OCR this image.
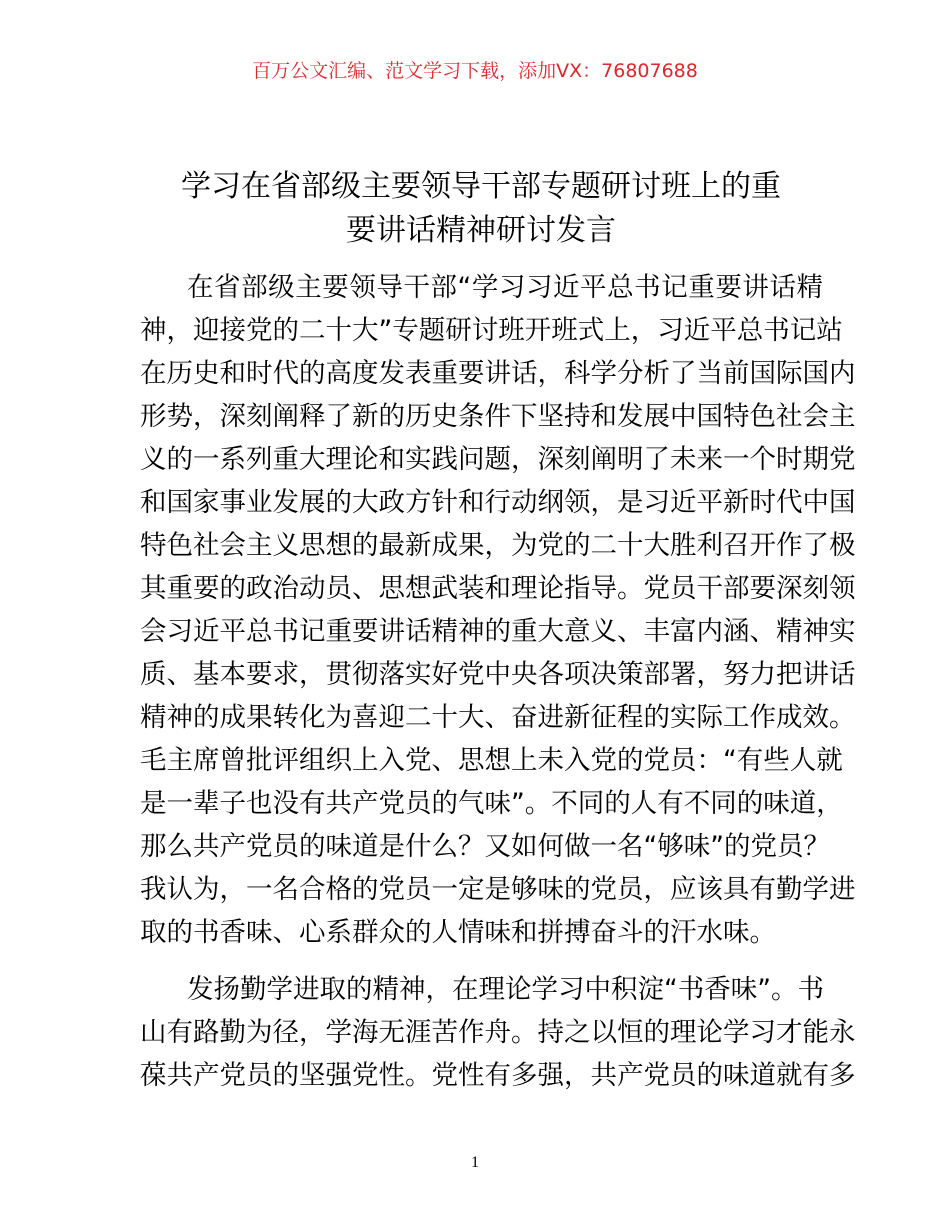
百万公文汇编、范文学习下载，添加VX：76807688
学习在省部级主要领导干部专题研讨班上的重
要讲话精神研讨发言
在省部级主要领导干部“学习习近平总书记重要讲话精
神，迎接党的二十大”专题研讨班开班式上，习近平总书记站
在历史和时代的高度发表重要讲话，科学分析了当前国际国内
形势，深刻阐释了新的历史条件下坚持和发展中国特色社会主
义的一系列重大理论和实践问题，深刻阐明了未来一个时期党
和国家事业发展的大政方针和行动纲领，是习近平新时代中国
特色社会主义思想的最新成果，为党的二十大胜利召开作了极
其重要的政治动员、思想武装和理论指导。党员干部要深刻领
会习近平总书记重要讲话精神的重大意义、丰富内涵、精神实
质、基本要求，贯彻落实好党中央各项决策部署，努力把讲话
精神的成果转化为喜迎二十大、奋进新征程的实际工作成效。
毛主席曾批评组织上入党、思想上未入党的党员：“有些人就
是一辈子也没有共产党员的气味”。不同的人有不同的味道，
那么共产党员的味道是什么？又如何做一名“够味”的党员？
我认为，一名合格的党员一定是够味的党员，应该具有勤学进
取的书香味、心系群众的人情味和拼搏奋斗的汗水味。
发扬勤学进取的精神，在理论学习中积淀“书香味”。书
山有路勤为径，学海无涯苦作舟。持之以恒的理论学习才能永
葆共产党员的坚强党性。党性有多强，共产党员的味道就有多
1
